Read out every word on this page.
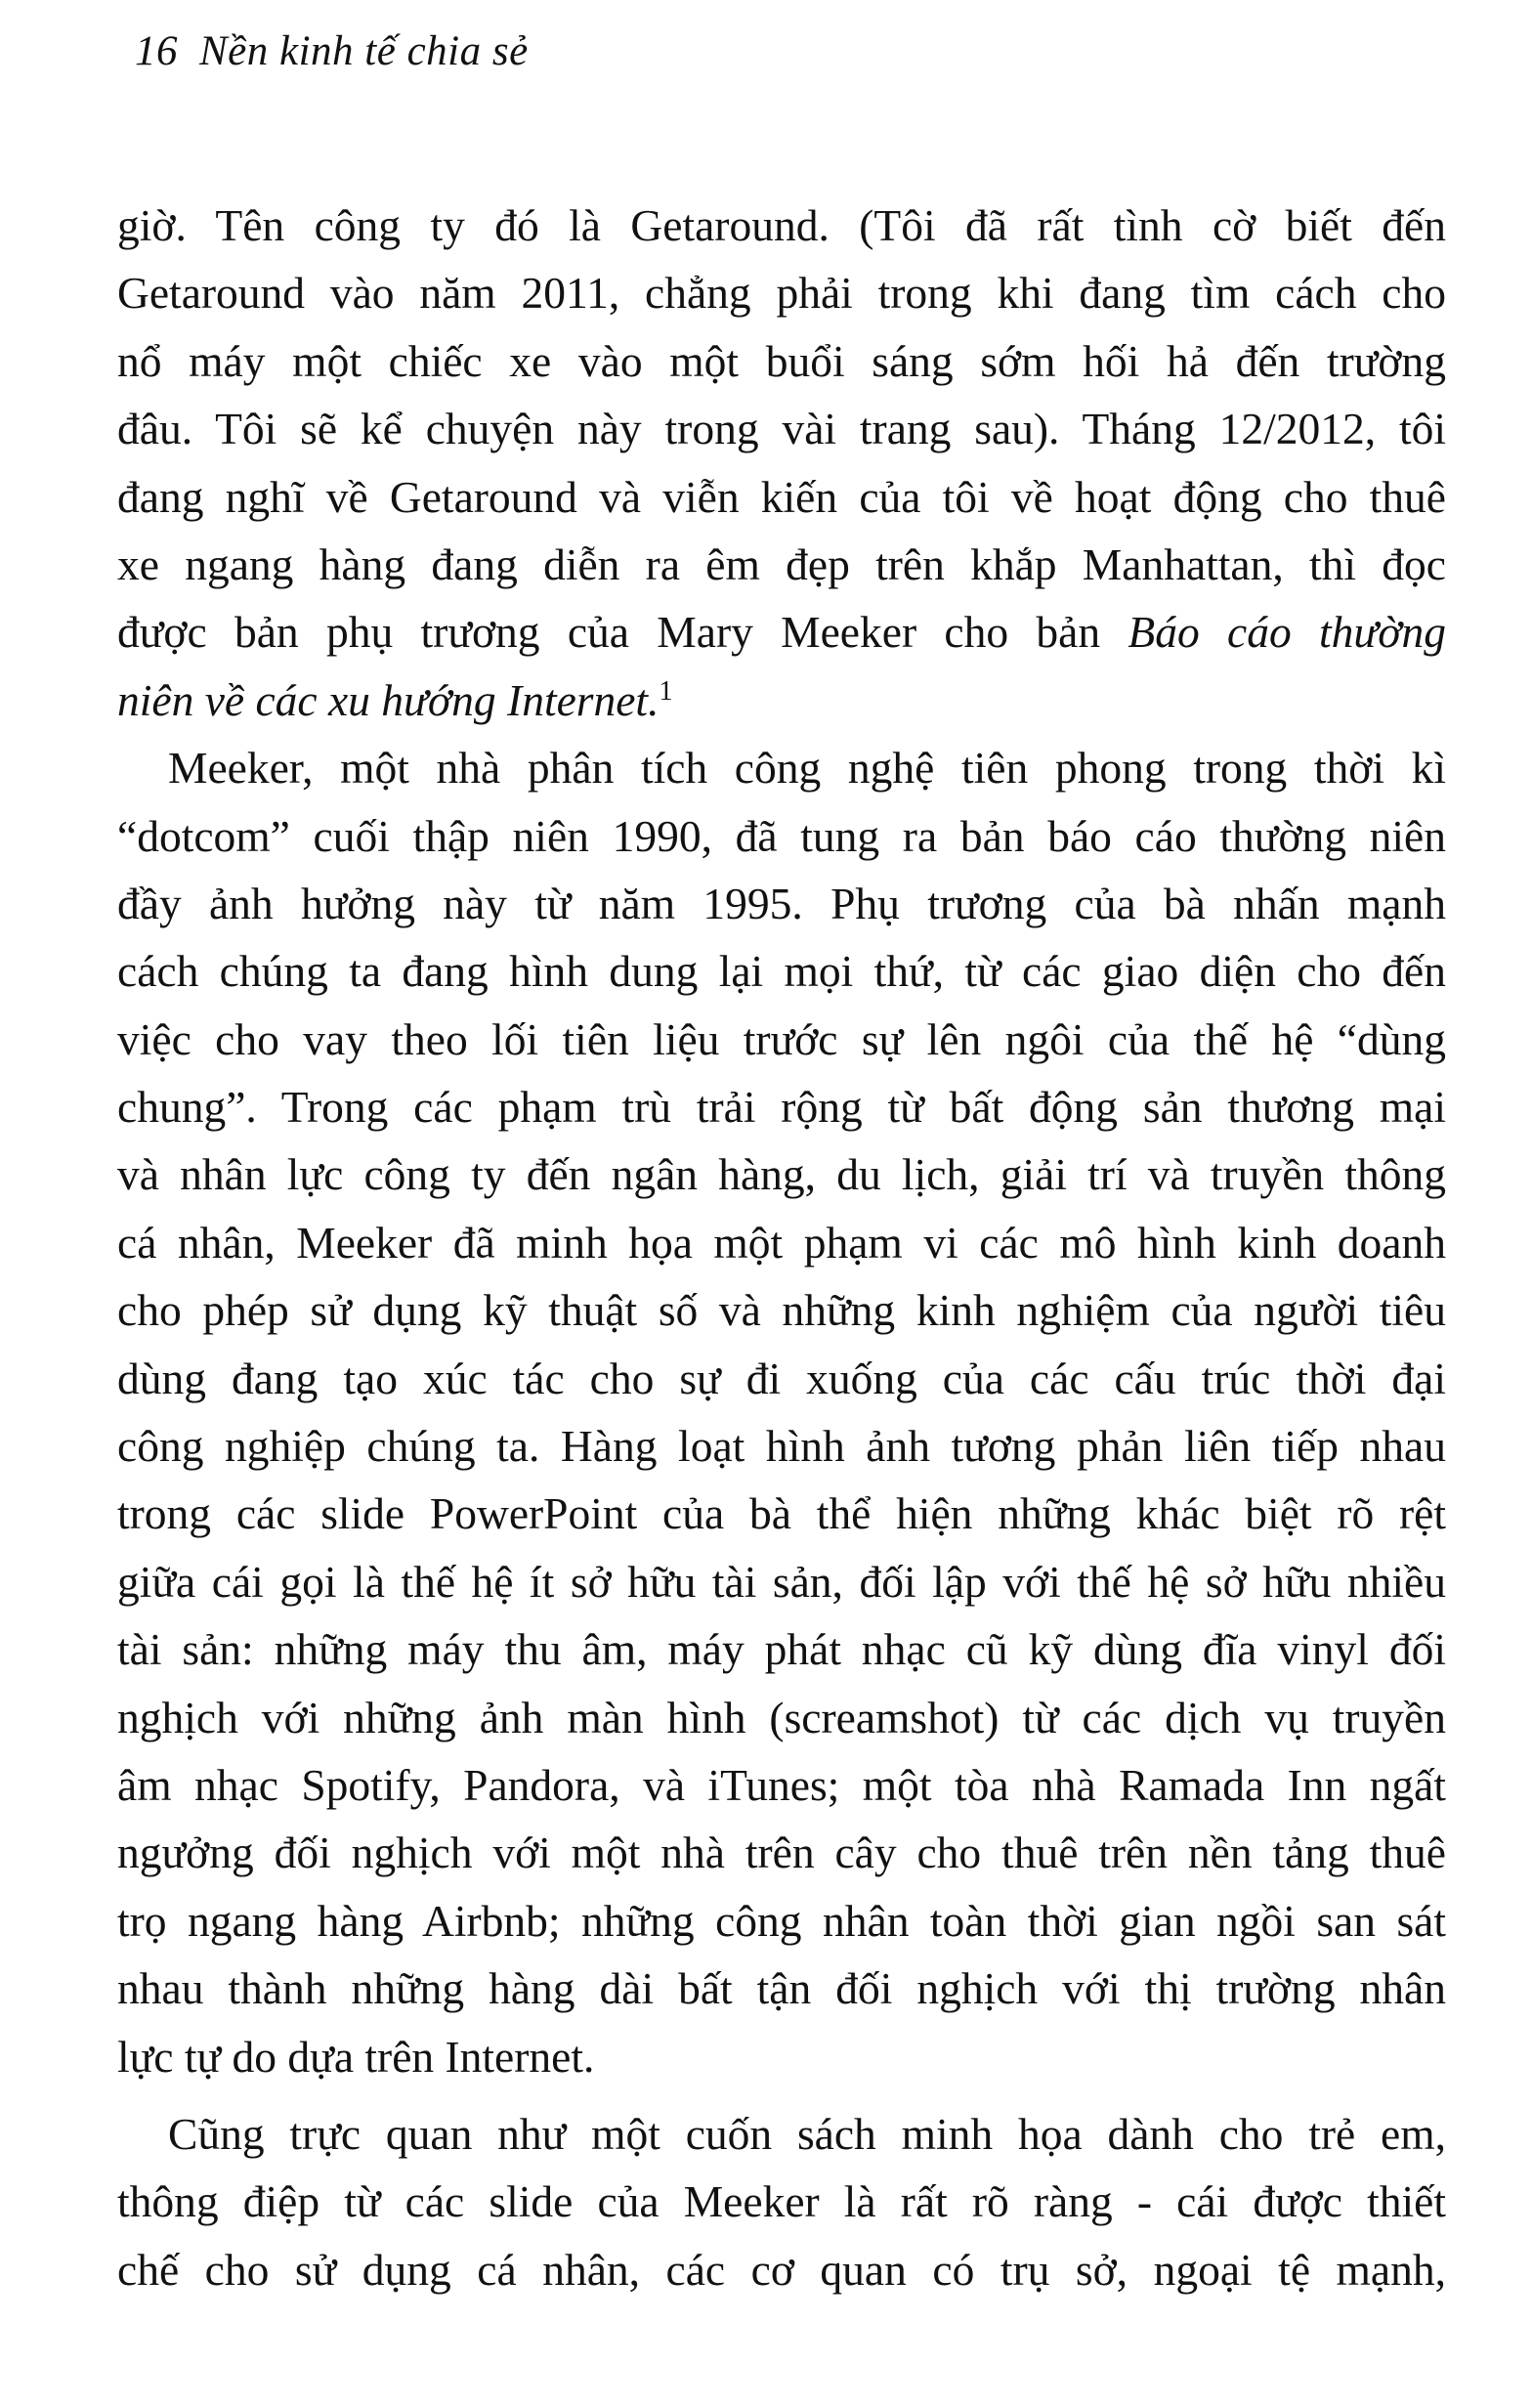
16 Nền kinh tế chia sẻ
giờ. Tên công ty đó là Getaround. (Tôi đã rất tình cờ biết đến
Getaround vào năm 2011, chẳng phải trong khi đang tìm cách cho
nổ máy một chiếc xe vào một buổi sáng sớm hối hả đến trường
đâu. Tôi sẽ kể chuyện này trong vài trang sau). Tháng 12/2012, tôi
đang nghĩ về Getaround và viễn kiến của tôi về hoạt động cho thuê
xe ngang hàng đang diễn ra êm đẹp trên khắp Manhattan, thì đọc
được bản phụ trương của Mary Meeker cho bản Báo cáo thường
niên về các xu hướng Internet.$^1$
Meeker, một nhà phân tích công nghệ tiên phong trong thời kì
“dotcom” cuối thập niên 1990, đã tung ra bản báo cáo thường niên
đầy ảnh hưởng này từ năm 1995. Phụ trương của bà nhấn mạnh
cách chúng ta đang hình dung lại mọi thứ, từ các giao diện cho đến
việc cho vay theo lối tiên liệu trước sự lên ngôi của thế hệ “dùng
chung”. Trong các phạm trù trải rộng từ bất động sản thương mại
và nhân lực công ty đến ngân hàng, du lịch, giải trí và truyền thông
cá nhân, Meeker đã minh họa một phạm vi các mô hình kinh doanh
cho phép sử dụng kỹ thuật số và những kinh nghiệm của người tiêu
dùng đang tạo xúc tác cho sự đi xuống của các cấu trúc thời đại
công nghiệp chúng ta. Hàng loạt hình ảnh tương phản liên tiếp nhau
trong các slide PowerPoint của bà thể hiện những khác biệt rõ rệt
giữa cái gọi là thế hệ ít sở hữu tài sản, đối lập với thế hệ sở hữu nhiều
tài sản: những máy thu âm, máy phát nhạc cũ kỹ dùng đĩa vinyl đối
nghịch với những ảnh màn hình (screamshot) từ các dịch vụ truyền
âm nhạc Spotify, Pandora, và iTunes; một tòa nhà Ramada Inn ngất
ngưởng đối nghịch với một nhà trên cây cho thuê trên nền tảng thuê
trọ ngang hàng Airbnb; những công nhân toàn thời gian ngồi san sát
nhau thành những hàng dài bất tận đối nghịch với thị trường nhân
lực tự do dựa trên Internet.
Cũng trực quan như một cuốn sách minh họa dành cho trẻ em,
thông điệp từ các slide của Meeker là rất rõ ràng - cái được thiết
chế cho sử dụng cá nhân, các cơ quan có trụ sở, ngoại tệ mạnh,
